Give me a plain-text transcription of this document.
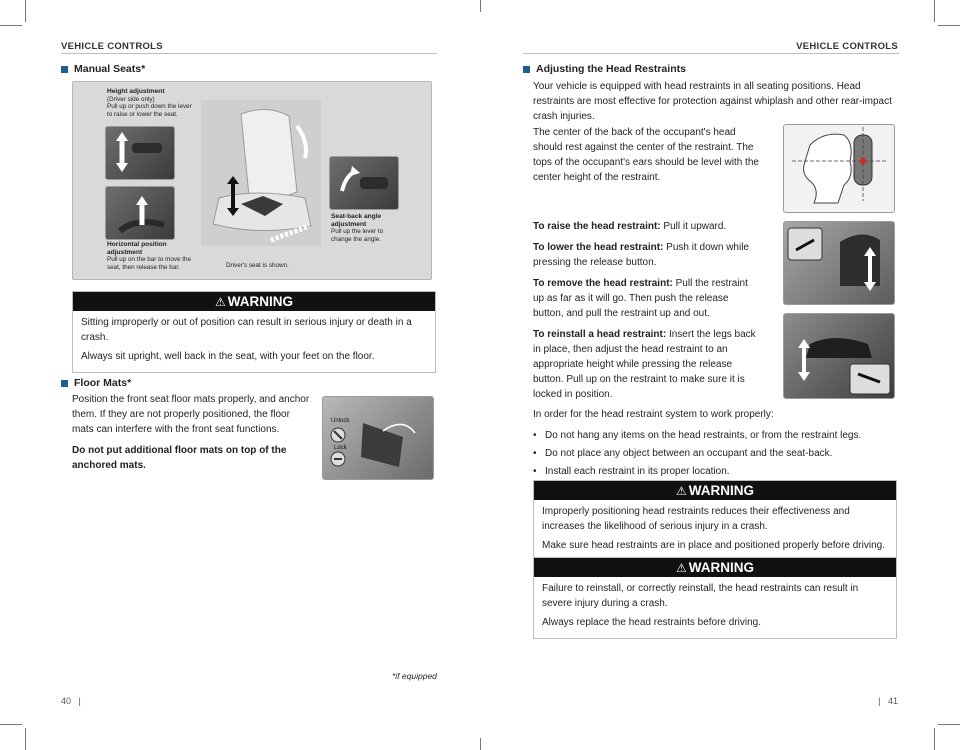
VEHICLE CONTROLS	VEHICLE CONTROLS
Manual Seats*
Height adjustment
(Driver side only)
Pull up or push down the lever
to raise or lower the seat.
Horizontal position
adjustment
Pull up on the bar to move the
seat, then release the bar.
Seat-back angle
adjustment
Pull up the lever to
change the angle.
Driver's seat is shown.
⚠ WARNING

Sitting improperly or out of position can result in serious injury or death in a crash.

Always sit upright, well back in the seat, with your feet on the floor.

Floor Mats*

Position the front seat floor mats properly, and anchor them. If they are not properly positioned, the floor mats can interfere with the front seat functions.

Do not put additional floor mats on top of the anchored mats.

Unlock
Lock
*if equipped
40   |
Adjusting the Head Restraints

Your vehicle is equipped with head restraints in all seating positions. Head restraints are most effective for protection against whiplash and other rear-impact crash injuries.

The center of the back of the occupant's head should rest against the center of the restraint. The tops of the occupant's ears should be level with the center height of the restraint.

To raise the head restraint: Pull it upward.

To lower the head restraint: Push it down while pressing the release button.

To remove the head restraint: Pull the restraint up as far as it will go. Then push the release button, and pull the restraint up and out.

To reinstall a head restraint: Insert the legs back in place, then adjust the head restraint to an appropriate height while pressing the release button. Pull up on the restraint to make sure it is locked in position.

In order for the head restraint system to work properly:

• Do not hang any items on the head restraints, or from the restraint legs.
• Do not place any object between an occupant and the seat-back.
• Install each restraint in its proper location.
⚠ WARNING

Improperly positioning head restraints reduces their effectiveness and increases the likelihood of serious injury in a crash.

Make sure head restraints are in place and positioned properly before driving.

⚠ WARNING

Failure to reinstall, or correctly reinstall, the head restraints can result in severe injury during a crash.

Always replace the head restraints before driving.

|   41
